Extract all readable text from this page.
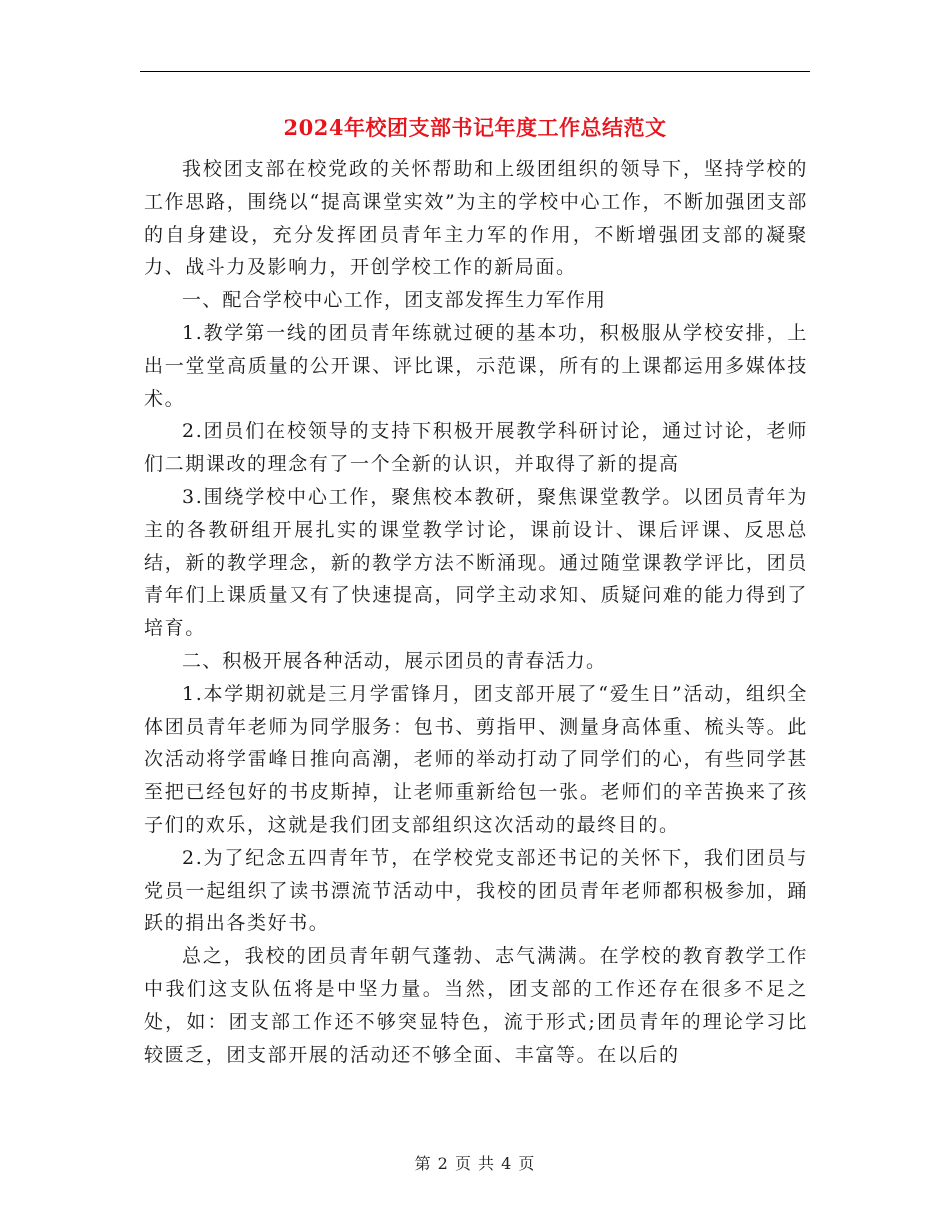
2024年校团支部书记年度工作总结范文

我校团支部在校党政的关怀帮助和上级团组织的领导下，坚持学校的工作思路，围绕以“提高课堂实效”为主的学校中心工作，不断加强团支部的自身建设，充分发挥团员青年主力军的作用，不断增强团支部的凝聚力、战斗力及影响力，开创学校工作的新局面。

一、配合学校中心工作，团支部发挥生力军作用

1.教学第一线的团员青年练就过硬的基本功，积极服从学校安排，上出一堂堂高质量的公开课、评比课，示范课，所有的上课都运用多媒体技术。

2.团员们在校领导的支持下积极开展教学科研讨论，通过讨论，老师们二期课改的理念有了一个全新的认识，并取得了新的提高

3.围绕学校中心工作，聚焦校本教研，聚焦课堂教学。以团员青年为主的各教研组开展扎实的课堂教学讨论，课前设计、课后评课、反思总结，新的教学理念，新的教学方法不断涌现。通过随堂课教学评比，团员青年们上课质量又有了快速提高，同学主动求知、质疑问难的能力得到了培育。

二、积极开展各种活动，展示团员的青春活力。

1.本学期初就是三月学雷锋月，团支部开展了“爱生日”活动，组织全体团员青年老师为同学服务：包书、剪指甲、测量身高体重、梳头等。此次活动将学雷峰日推向高潮，老师的举动打动了同学们的心，有些同学甚至把已经包好的书皮斯掉，让老师重新给包一张。老师们的辛苦换来了孩子们的欢乐，这就是我们团支部组织这次活动的最终目的。

2.为了纪念五四青年节，在学校党支部还书记的关怀下，我们团员与党员一起组织了读书漂流节活动中，我校的团员青年老师都积极参加，踊跃的捐出各类好书。

总之，我校的团员青年朝气蓬勃、志气满满。在学校的教育教学工作中我们这支队伍将是中坚力量。当然，团支部的工作还存在很多不足之处，如：团支部工作还不够突显特色，流于形式;团员青年的理论学习比较匮乏，团支部开展的活动还不够全面、丰富等。在以后的

第 2 页 共 4 页
